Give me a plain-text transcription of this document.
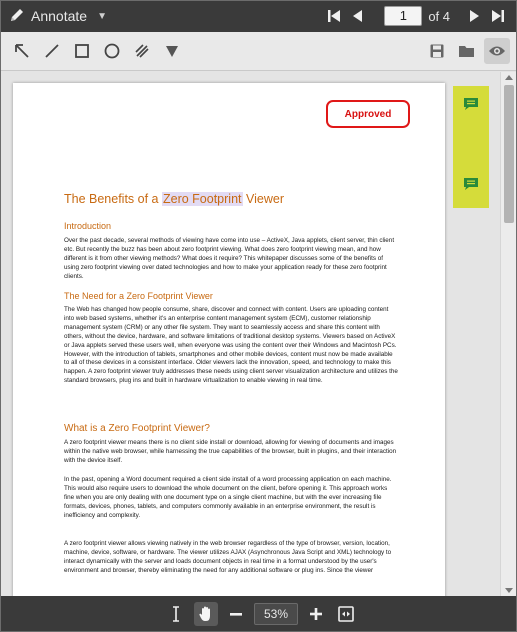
Annotate ▼	1	of 4
Approved
The Benefits of a Zero Footprint Viewer
Introduction
Over the past decade, several methods of viewing have come into use – ActiveX, Java applets, client server, thin client etc. But recently the buzz has been about zero footprint viewing. What does zero footprint viewing mean, and how different is it from other viewing methods? What does it require? This whitepaper discusses some of the benefits of using zero footprint viewing over dated technologies and how to make your application ready for these zero footprint clients.
The Need for a Zero Footprint Viewer
The Web has changed how people consume, share, discover and connect with content. Users are uploading content into web based systems, whether it's an enterprise content management system (ECM), customer relationship management system (CRM) or any other file system. They want to seamlessly access and share this content with others, without the device, hardware, and software limitations of traditional desktop systems. Viewers based on ActiveX or Java applets served these users well, when everyone was using the content over their Windows and Macintosh PCs. However, with the introduction of tablets, smartphones and other mobile devices, content must now be made available to all of these devices in a consistent interface. Older viewers lack the innovation, speed, and technology to make this happen. A zero footprint viewer truly addresses these needs using client server visualization architecture and utilizes the standard browsers, plug ins and built in hardware virtualization to enable viewing in real time.
What is a Zero Footprint Viewer?
A zero footprint viewer means there is no client side install or download, allowing for viewing of documents and images within the native web browser, while harnessing the true capabilities of the browser, built in plugins, and their interaction with the device itself.
In the past, opening a Word document required a client side install of a word processing application on each machine. This would also require users to download the whole document on the client, before opening it. This approach works fine when you are only dealing with one document type on a single client machine, but with the ever increasing file formats, devices, phones, tablets, and computers commonly available in an enterprise environment, the result is inefficiency and complexity.
A zero footprint viewer allows viewing natively in the web browser regardless of the type of browser, version, location, machine, device, software, or hardware. The viewer utilizes AJAX (Asynchronous Java Script and XML) technology to interact dynamically with the server and loads document objects in real time in a format understood by the user's environment and browser, thereby eliminating the need for any additional software or plug ins. Since the viewer
53%
